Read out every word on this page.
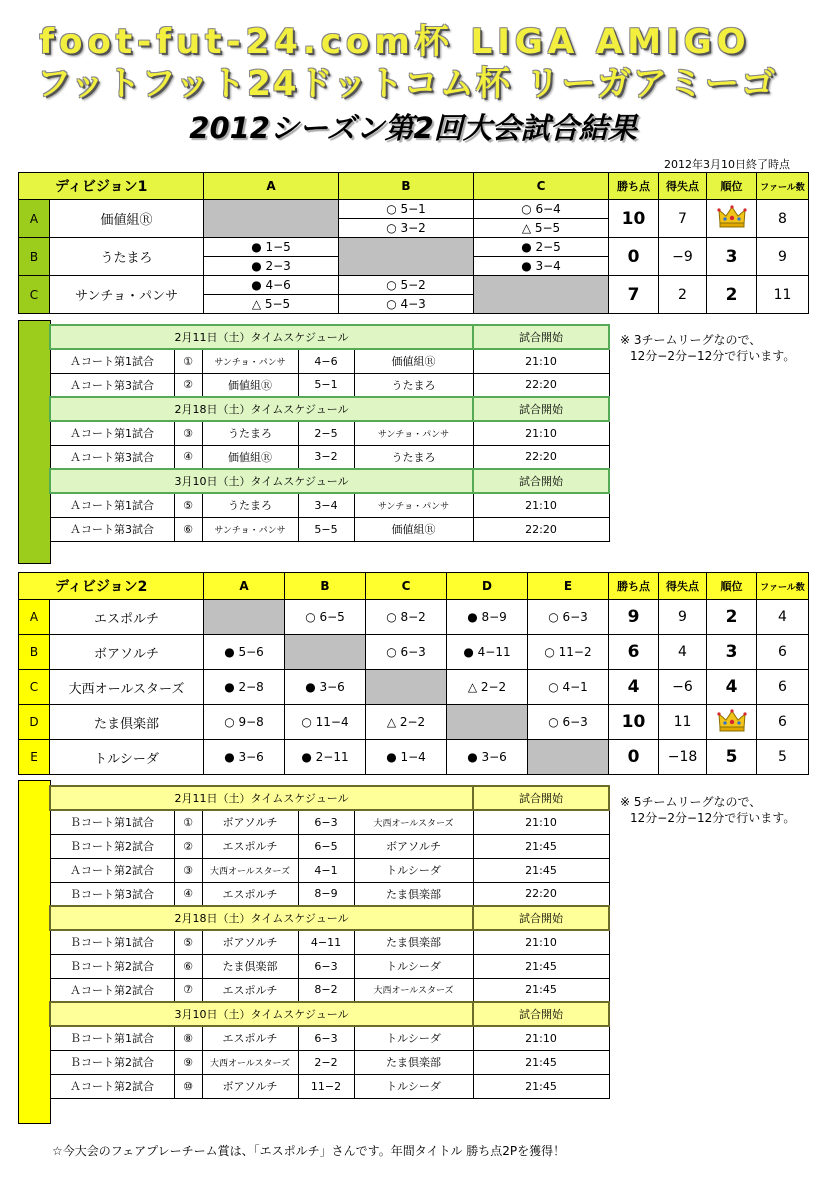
foot-fut-24.com杯 LIGA AMIGO
フットフット24ドットコム杯 リーガアミーゴ
2012シーズン第2回大会試合結果
2012年3月10日終了時点
ディビジョン1		A	B	C	勝ち点	得失点	順位	ファール数
A	価値組Ⓡ		○ 5−1	○ 6−4	10	7		8
			○ 3−2	△ 5−5				
B	うたまろ	● 1−5		● 2−5	0	−9	3	9
		● 2−3		● 3−4				
C	サンチョ・パンサ	● 4−6	○ 5−2		7	2	2	11
		△ 5−5	○ 4−3					
2月11日（土）タイムスケジュール					試合開始
Ａコート第1試合	①	サンチョ・パンサ	4−6	価値組Ⓡ	21:10
Ａコート第3試合	②	価値組Ⓡ	5−1	うたまろ	22:20
2月18日（土）タイムスケジュール					試合開始
Ａコート第1試合	③	うたまろ	2−5	サンチョ・パンサ	21:10
Ａコート第3試合	④	価値組Ⓡ	3−2	うたまろ	22:20
3月10日（土）タイムスケジュール					試合開始
Ａコート第1試合	⑤	うたまろ	3−4	サンチョ・パンサ	21:10
Ａコート第3試合	⑥	サンチョ・パンサ	5−5	価値組Ⓡ	22:20
※ 3チームリーグなので、
12分−2分−12分で行います。
ディビジョン2		A	B	C	D	E	勝ち点	得失点	順位	ファール数
A	エスポルチ		○ 6−5	○ 8−2	● 8−9	○ 6−3	9	9	2	4
B	ボアソルチ	● 5−6		○ 6−3	● 4−11	○ 11−2	6	4	3	6
C	大西オールスターズ	● 2−8	● 3−6		△ 2−2	○ 4−1	4	−6	4	6
D	たま倶楽部	○ 9−8	○ 11−4	△ 2−2		○ 6−3	10	11		6
E	トルシーダ	● 3−6	● 2−11	● 1−4	● 3−6		0	−18	5	5
2月11日（土）タイムスケジュール					試合開始
Ｂコート第1試合	①	ボアソルチ	6−3	大西オールスターズ	21:10
Ｂコート第2試合	②	エスポルチ	6−5	ボアソルチ	21:45
Ａコート第2試合	③	大西オールスターズ	4−1	トルシーダ	21:45
Ｂコート第3試合	④	エスポルチ	8−9	たま倶楽部	22:20
2月18日（土）タイムスケジュール					試合開始
Ｂコート第1試合	⑤	ボアソルチ	4−11	たま倶楽部	21:10
Ｂコート第2試合	⑥	たま倶楽部	6−3	トルシーダ	21:45
Ａコート第2試合	⑦	エスポルチ	8−2	大西オールスターズ	21:45
3月10日（土）タイムスケジュール					試合開始
Ｂコート第1試合	⑧	エスポルチ	6−3	トルシーダ	21:10
Ｂコート第2試合	⑨	大西オールスターズ	2−2	たま倶楽部	21:45
Ａコート第2試合	⑩	ボアソルチ	11−2	トルシーダ	21:45
※ 5チームリーグなので、
12分−2分−12分で行います。
☆今大会のフェアプレーチーム賞は、「エスポルチ」さんです。年間タイトル 勝ち点2Pを獲得！
